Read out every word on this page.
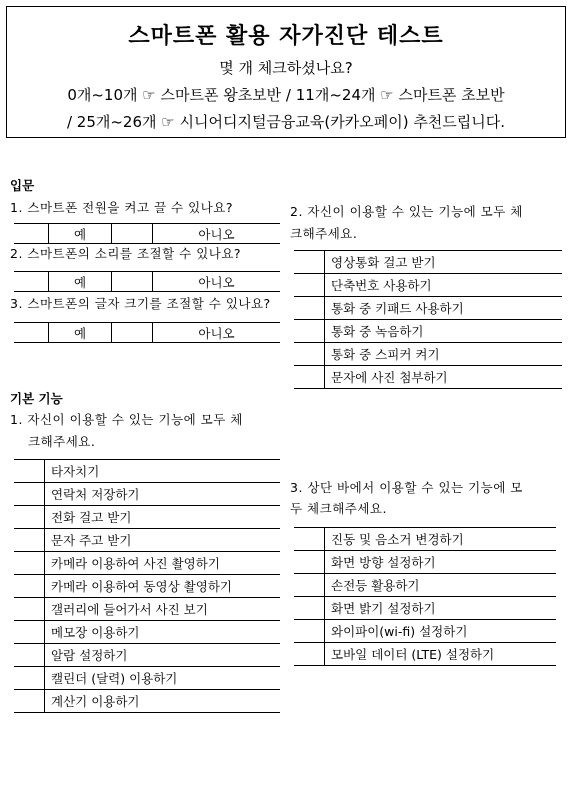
스마트폰 활용 자가진단 테스트
몇 개 체크하셨나요?
0개~10개 ☞ 스마트폰 왕초보반 / 11개~24개 ☞ 스마트폰 초보반
/ 25개~26개 ☞ 시니어디지털금융교육(카카오페이) 추천드립니다.
입문
1. 스마트폰 전원을 켜고 끌 수 있나요?
	예		아니오
2. 스마트폰의 소리를 조절할 수 있나요?
	예		아니오
3. 스마트폰의 글자 크기를 조절할 수 있나요?
	예		아니오
기본 기능
1. 자신이 이용할 수 있는 기능에 모두 체
크해주세요.
	타자치기
	연락처 저장하기
	전화 걸고 받기
	문자 주고 받기
	카메라 이용하여 사진 촬영하기
	카메라 이용하여 동영상 촬영하기
	갤러리에 들어가서 사진 보기
	메모장 이용하기
	알람 설정하기
	캘린더 (달력) 이용하기
	계산기 이용하기
2. 자신이 이용할 수 있는 기능에 모두 체
크해주세요.
	영상통화 걸고 받기
	단축번호 사용하기
	통화 중 키패드 사용하기
	통화 중 녹음하기
	통화 중 스피커 켜기
	문자에 사진 첨부하기
3. 상단 바에서 이용할 수 있는 기능에 모
두 체크해주세요.
	진동 및 음소거 변경하기
	화면 방향 설정하기
	손전등 활용하기
	화면 밝기 설정하기
	와이파이(wi-fi) 설정하기
	모바일 데이터 (LTE) 설정하기
